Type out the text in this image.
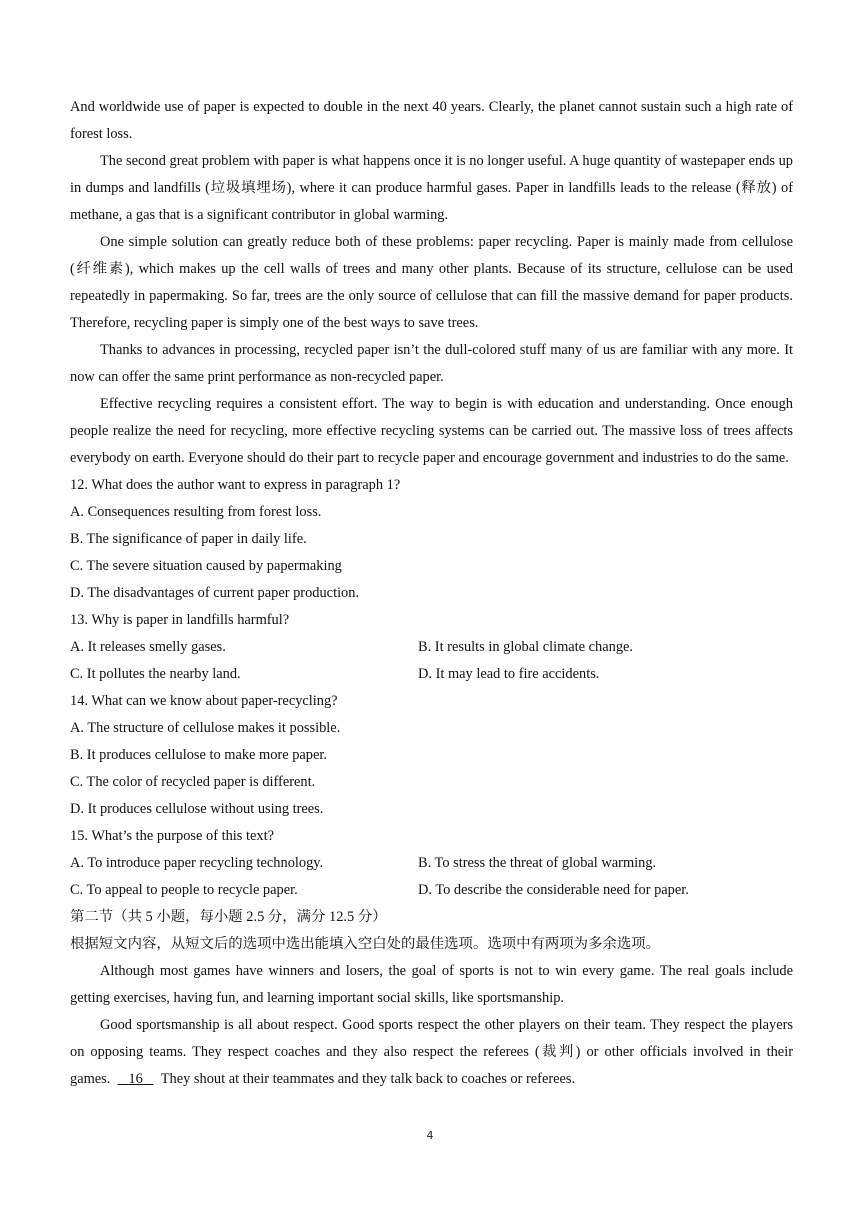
And worldwide use of paper is expected to double in the next 40 years. Clearly, the planet cannot sustain such a high rate of forest loss.

The second great problem with paper is what happens once it is no longer useful. A huge quantity of wastepaper ends up in dumps and landfills (垃圾填埋场), where it can produce harmful gases. Paper in landfills leads to the release (释放) of methane, a gas that is a significant contributor in global warming.

One simple solution can greatly reduce both of these problems: paper recycling. Paper is mainly made from cellulose (纤维素), which makes up the cell walls of trees and many other plants. Because of its structure, cellulose can be used repeatedly in papermaking. So far, trees are the only source of cellulose that can fill the massive demand for paper products. Therefore, recycling paper is simply one of the best ways to save trees.

Thanks to advances in processing, recycled paper isn’t the dull-colored stuff many of us are familiar with any more. It now can offer the same print performance as non-recycled paper.

Effective recycling requires a consistent effort. The way to begin is with education and understanding. Once enough people realize the need for recycling, more effective recycling systems can be carried out. The massive loss of trees affects everybody on earth. Everyone should do their part to recycle paper and encourage government and industries to do the same.

12. What does the author want to express in paragraph 1?

A. Consequences resulting from forest loss.

B. The significance of paper in daily life.

C. The severe situation caused by papermaking

D. The disadvantages of current paper production.

13. Why is paper in landfills harmful?

A. It releases smelly gases.	B. It results in global climate change.
C. It pollutes the nearby land.	D. It may lead to fire accidents.

14. What can we know about paper-recycling?

A. The structure of cellulose makes it possible.

B. It produces cellulose to make more paper.

C. The color of recycled paper is different.

D. It produces cellulose without using trees.

15. What’s the purpose of this text?

A. To introduce paper recycling technology.	B. To stress the threat of global warming.
C. To appeal to people to recycle paper.	D. To describe the considerable need for paper.

第二节（共 5 小题，每小题 2.5 分，满分 12.5 分）

根据短文内容，从短文后的选项中选出能填入空白处的最佳选项。选项中有两项为多余选项。

Although most games have winners and losers, the goal of sports is not to win every game. The real goals include getting exercises, having fun, and learning important social skills, like sportsmanship.

Good sportsmanship is all about respect. Good sports respect the other players on their team. They respect the players on opposing teams. They respect coaches and they also respect the referees (裁判) or other officials involved in their games. 16 They shout at their teammates and they talk back to coaches or referees.

4
